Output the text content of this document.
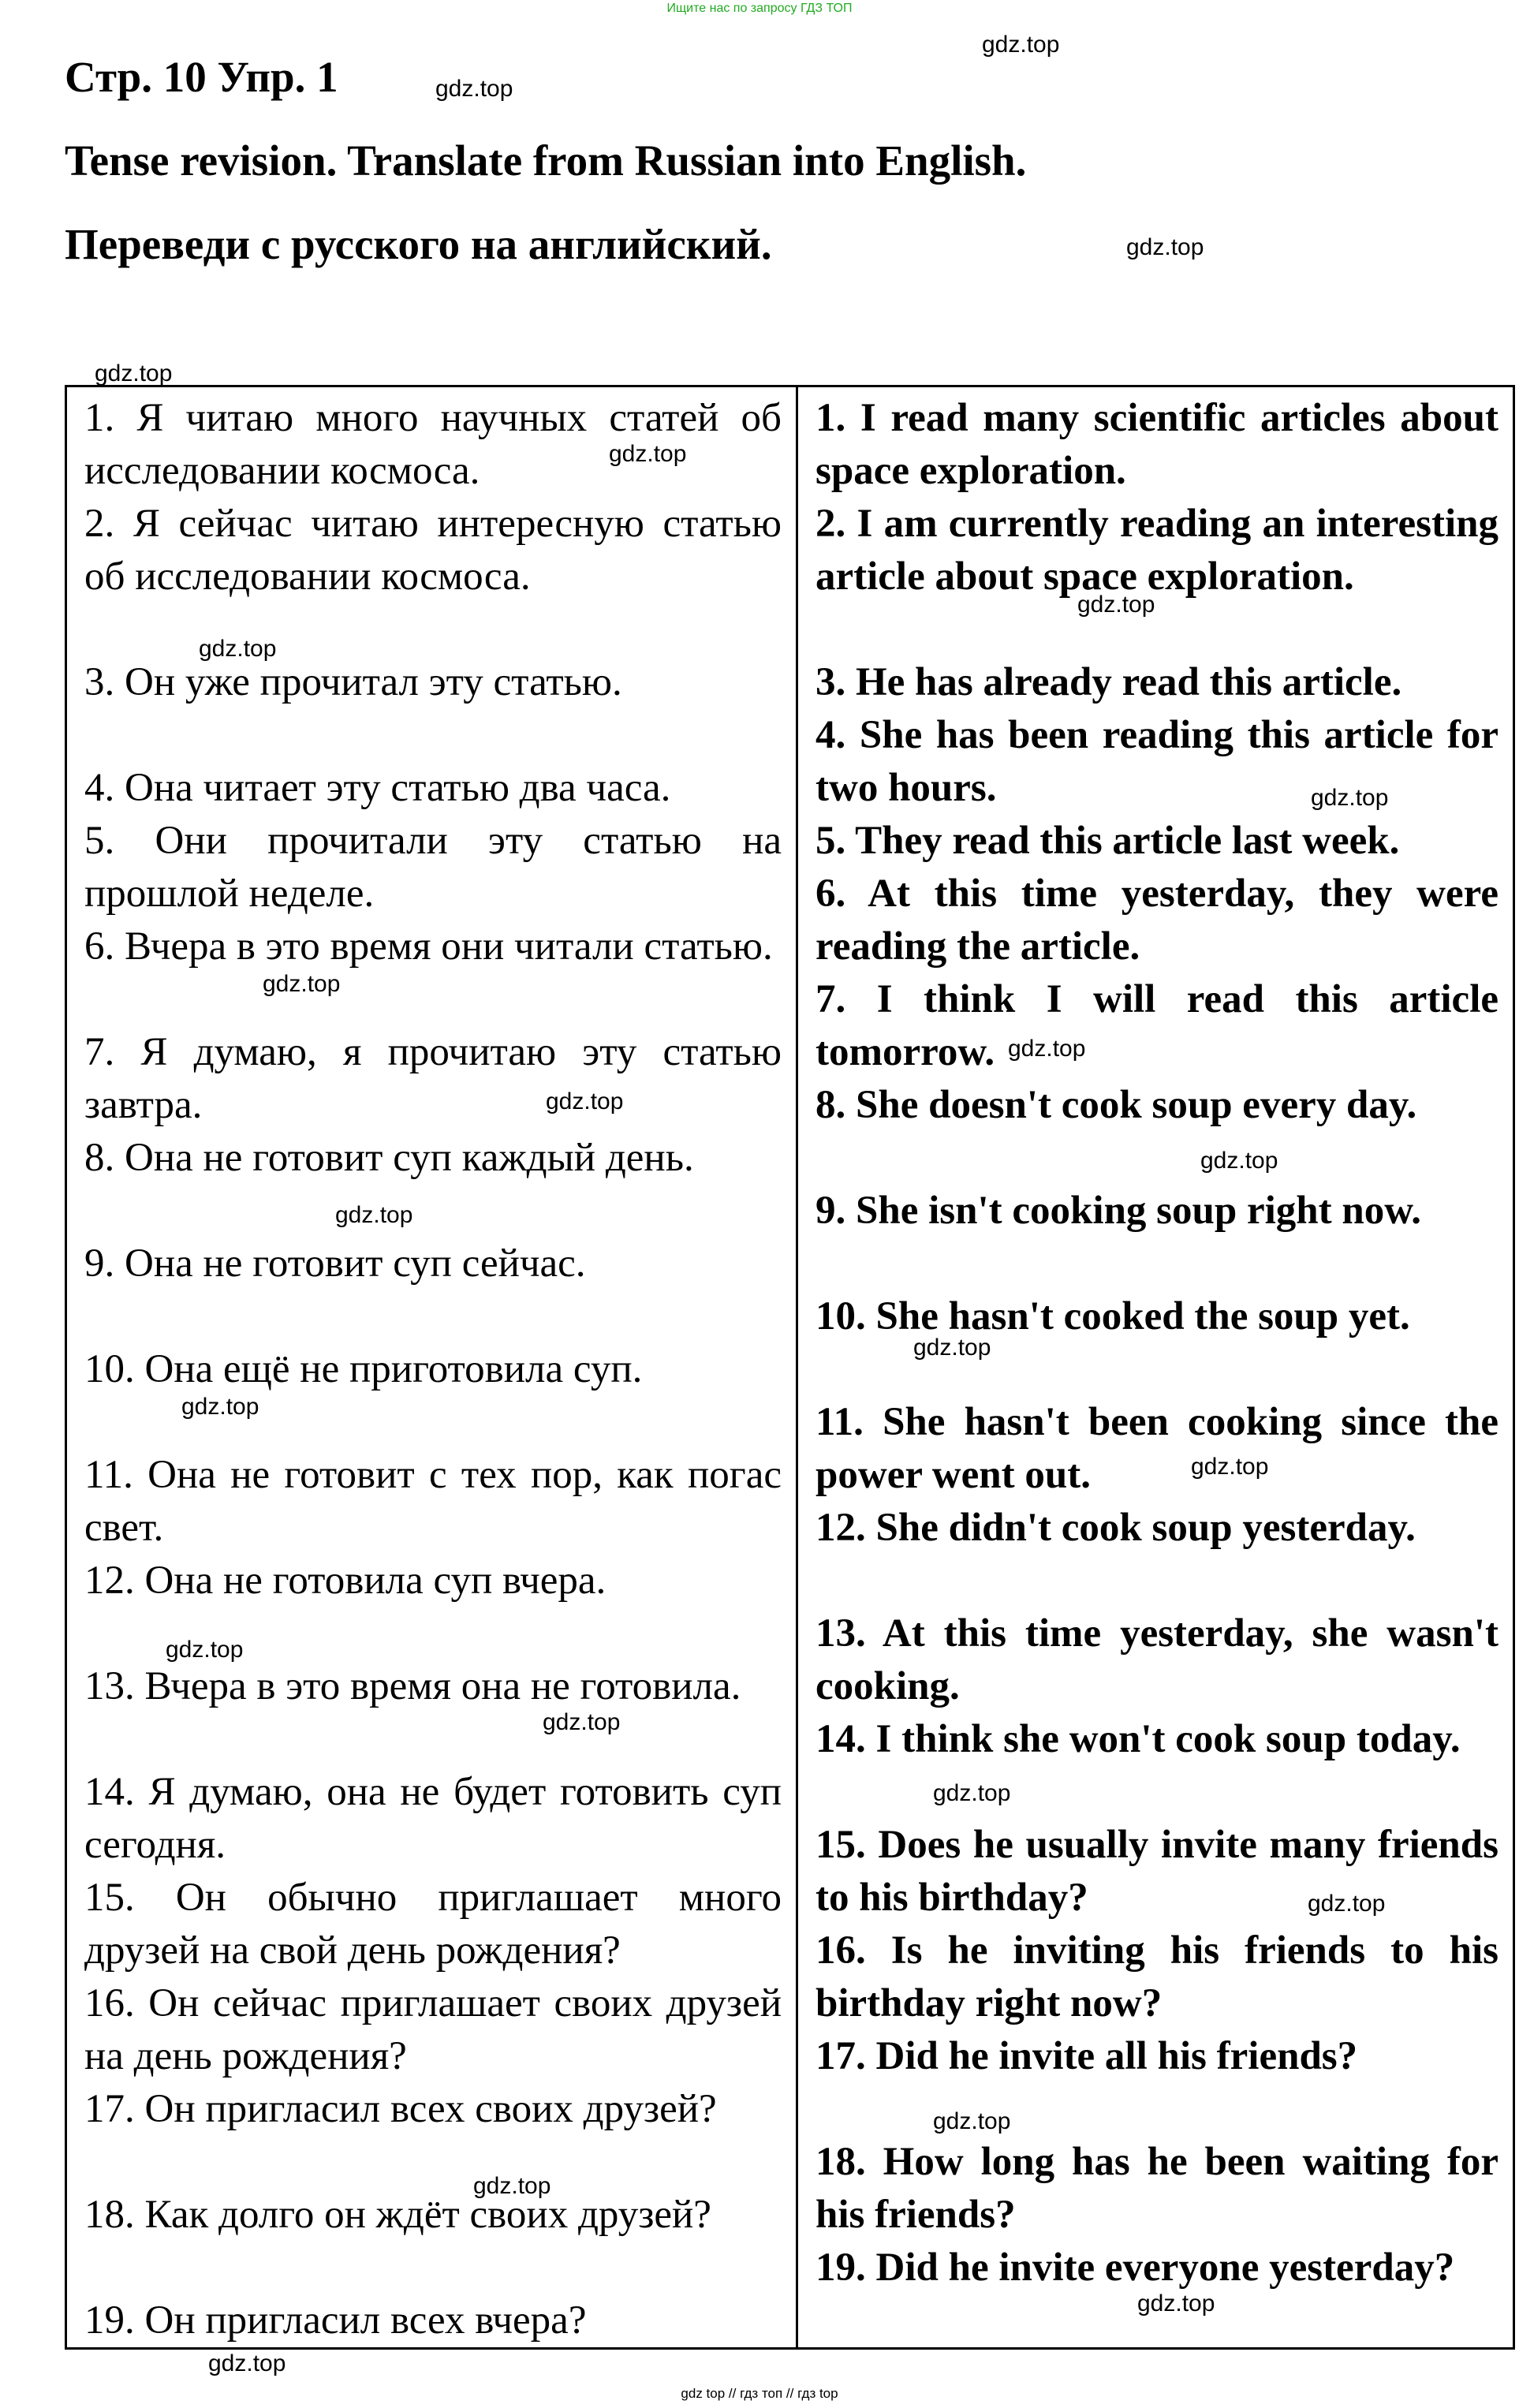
Ищите нас по запросу ГДЗ ТОП
Стр. 10 Упр. 1
Tense revision. Translate from Russian into English.
Переведи с русского на английский.

1. Я читаю много научных статей об исследовании космоса.

2. Я сейчас читаю интересную статью об исследовании космоса.

3. Он уже прочитал эту статью.

4. Она читает эту статью два часа.

5. Они прочитали эту статью на прошлой неделе.

6. Вчера в это время они читали статью.

7. Я думаю, я прочитаю эту статью завтра.

8. Она не готовит суп каждый день.

9. Она не готовит суп сейчас.

10. Она ещё не приготовила суп.

11. Она не готовит с тех пор, как погас свет.

12. Она не готовила суп вчера.

13. Вчера в это время она не готовила.

14. Я думаю, она не будет готовить суп сегодня.

15. Он обычно приглашает много друзей на свой день рождения?

16. Он сейчас приглашает своих друзей на день рождения?

17. Он пригласил всех своих друзей?

18. Как долго он ждёт своих друзей?

19. Он пригласил всех вчера?

1. I read many scientific articles about space exploration.

2. I am currently reading an interesting article about space exploration.

3. He has already read this article.

4. She has been reading this article for two hours.

5. They read this article last week.

6. At this time yesterday, they were reading the article.

7. I think I will read this article tomorrow.

8. She doesn't cook soup every day.

9. She isn't cooking soup right now.

10. She hasn't cooked the soup yet.

11. She hasn't been cooking since the power went out.

12. She didn't cook soup yesterday.

13. At this time yesterday, she wasn't cooking.

14. I think she won't cook soup today.

15. Does he usually invite many friends to his birthday?

16. Is he inviting his friends to his birthday right now?

17. Did he invite all his friends?

18. How long has he been waiting for his friends?

19. Did he invite everyone yesterday?

gdz.top
gdz.top
gdz.top
gdz.top
gdz.top
gdz.top
gdz.top
gdz.top
gdz.top
gdz.top
gdz.top
gdz.top
gdz.top
gdz.top
gdz.top
gdz.top
gdz.top
gdz.top
gdz.top
gdz.top
gdz.top
gdz.top
gdz.top
gdz.top
gdz top // гдз топ // гдз top
